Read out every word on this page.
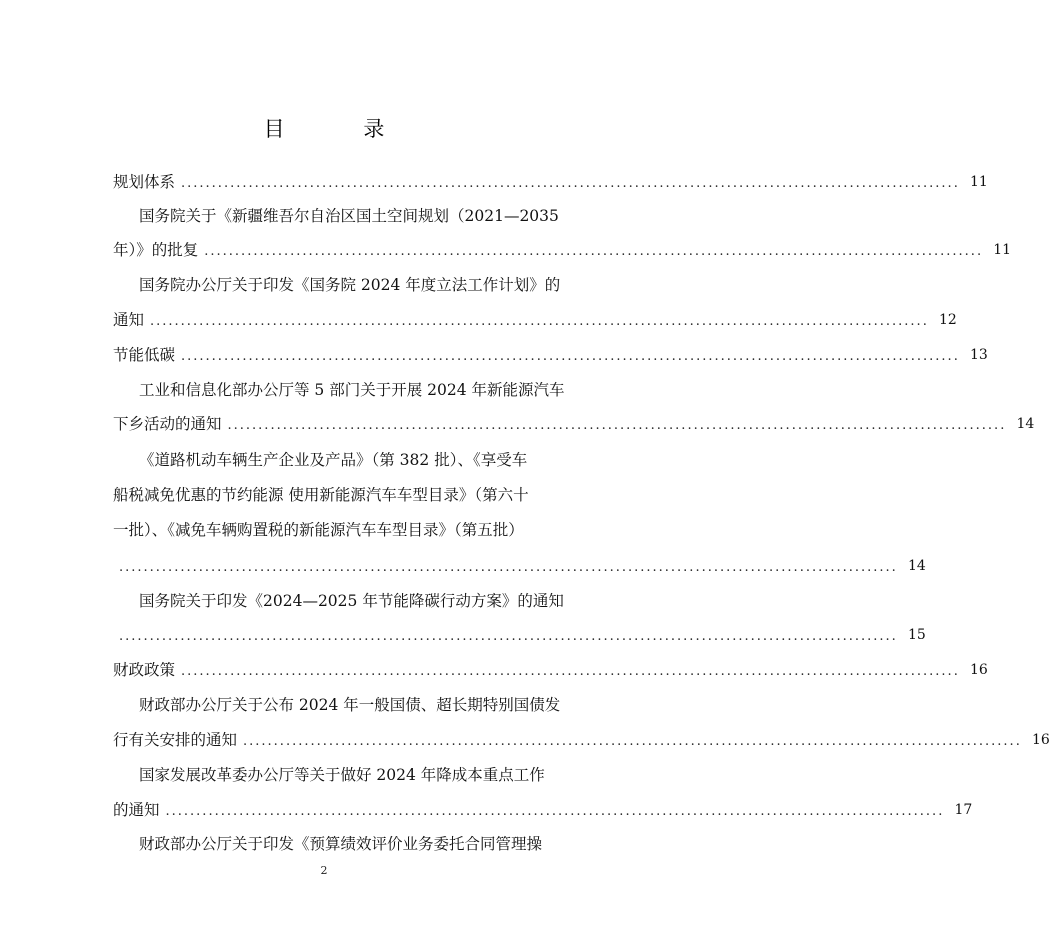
目 录
规划体系 ............................................................................................................................... 11
国务院关于《新疆维吾尔自治区国土空间规划（2021—2035
年）》的批复 ............................................................................................................................... 11
国务院办公厅关于印发《国务院 2024 年度立法工作计划》的
通知 ............................................................................................................................... 12
节能低碳 ............................................................................................................................... 13
工业和信息化部办公厅等 5 部门关于开展 2024 年新能源汽车
下乡活动的通知 ............................................................................................................................... 14
《道路机动车辆生产企业及产品》（第 382 批）、《享受车
船税减免优惠的节约能源 使用新能源汽车车型目录》（第六十
一批）、《减免车辆购置税的新能源汽车车型目录》（第五批）
............................................................................................................................... 14
国务院关于印发《2024—2025 年节能降碳行动方案》的通知
............................................................................................................................... 15
财政政策 ............................................................................................................................... 16
财政部办公厅关于公布 2024 年一般国债、超长期特别国债发
行有关安排的通知 ............................................................................................................................... 16
国家发展改革委办公厅等关于做好 2024 年降成本重点工作
的通知 ............................................................................................................................... 17
财政部办公厅关于印发《预算绩效评价业务委托合同管理操
2
